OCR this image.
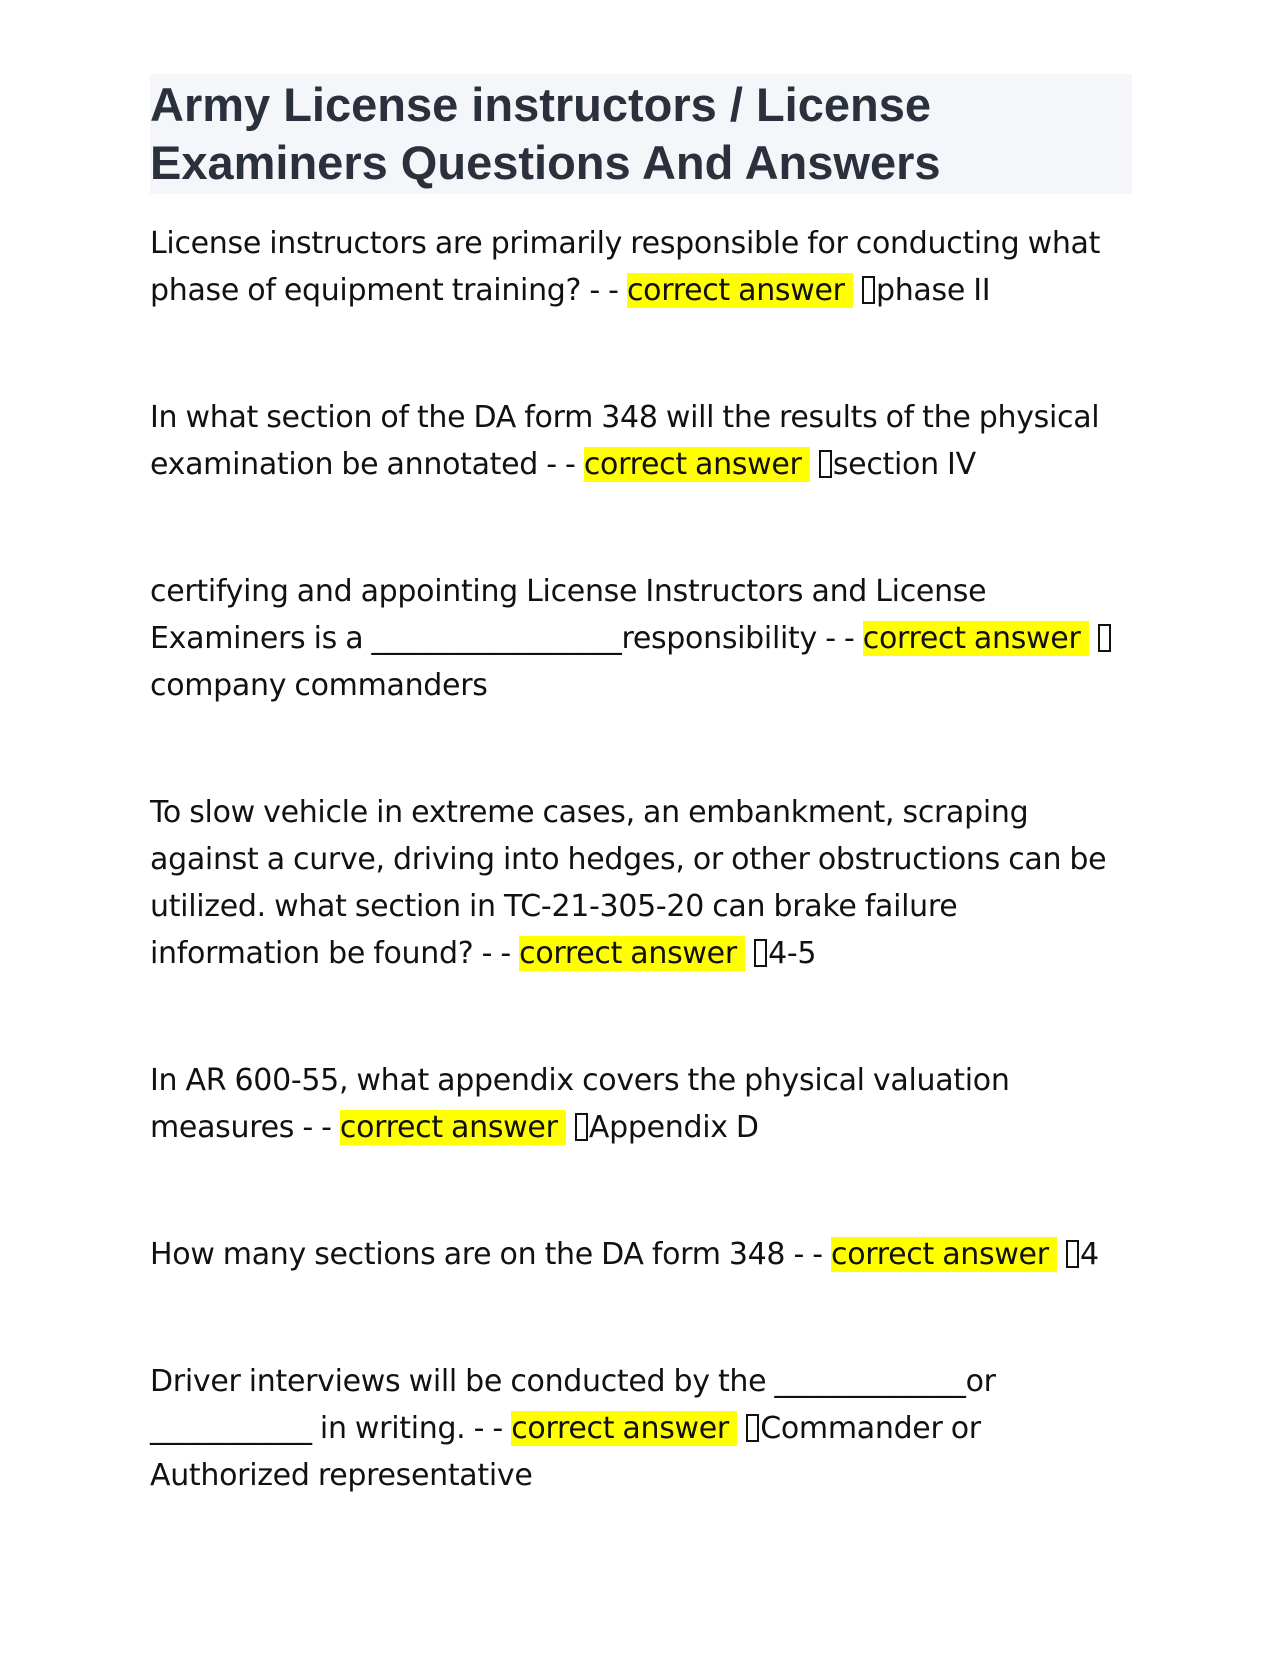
Army License instructors / License Examiners Questions And Answers

License instructors are primarily responsible for conducting what phase of equipment training? - - correct answer phase II

In what section of the DA form 348 will the results of the physical examination be annotated - - correct answer section IV

certifying and appointing License Instructors and License Examiners is a _________________responsibility - - correct answer company commanders

To slow vehicle in extreme cases, an embankment, scraping against a curve, driving into hedges, or other obstructions can be utilized. what section in TC-21-305-20 can brake failure information be found? - - correct answer 4-5

In AR 600-55, what appendix covers the physical valuation measures - - correct answer Appendix D

How many sections are on the DA form 348 - - correct answer 4

Driver interviews will be conducted by the _____________or ___________ in writing. - - correct answer Commander or Authorized representative
